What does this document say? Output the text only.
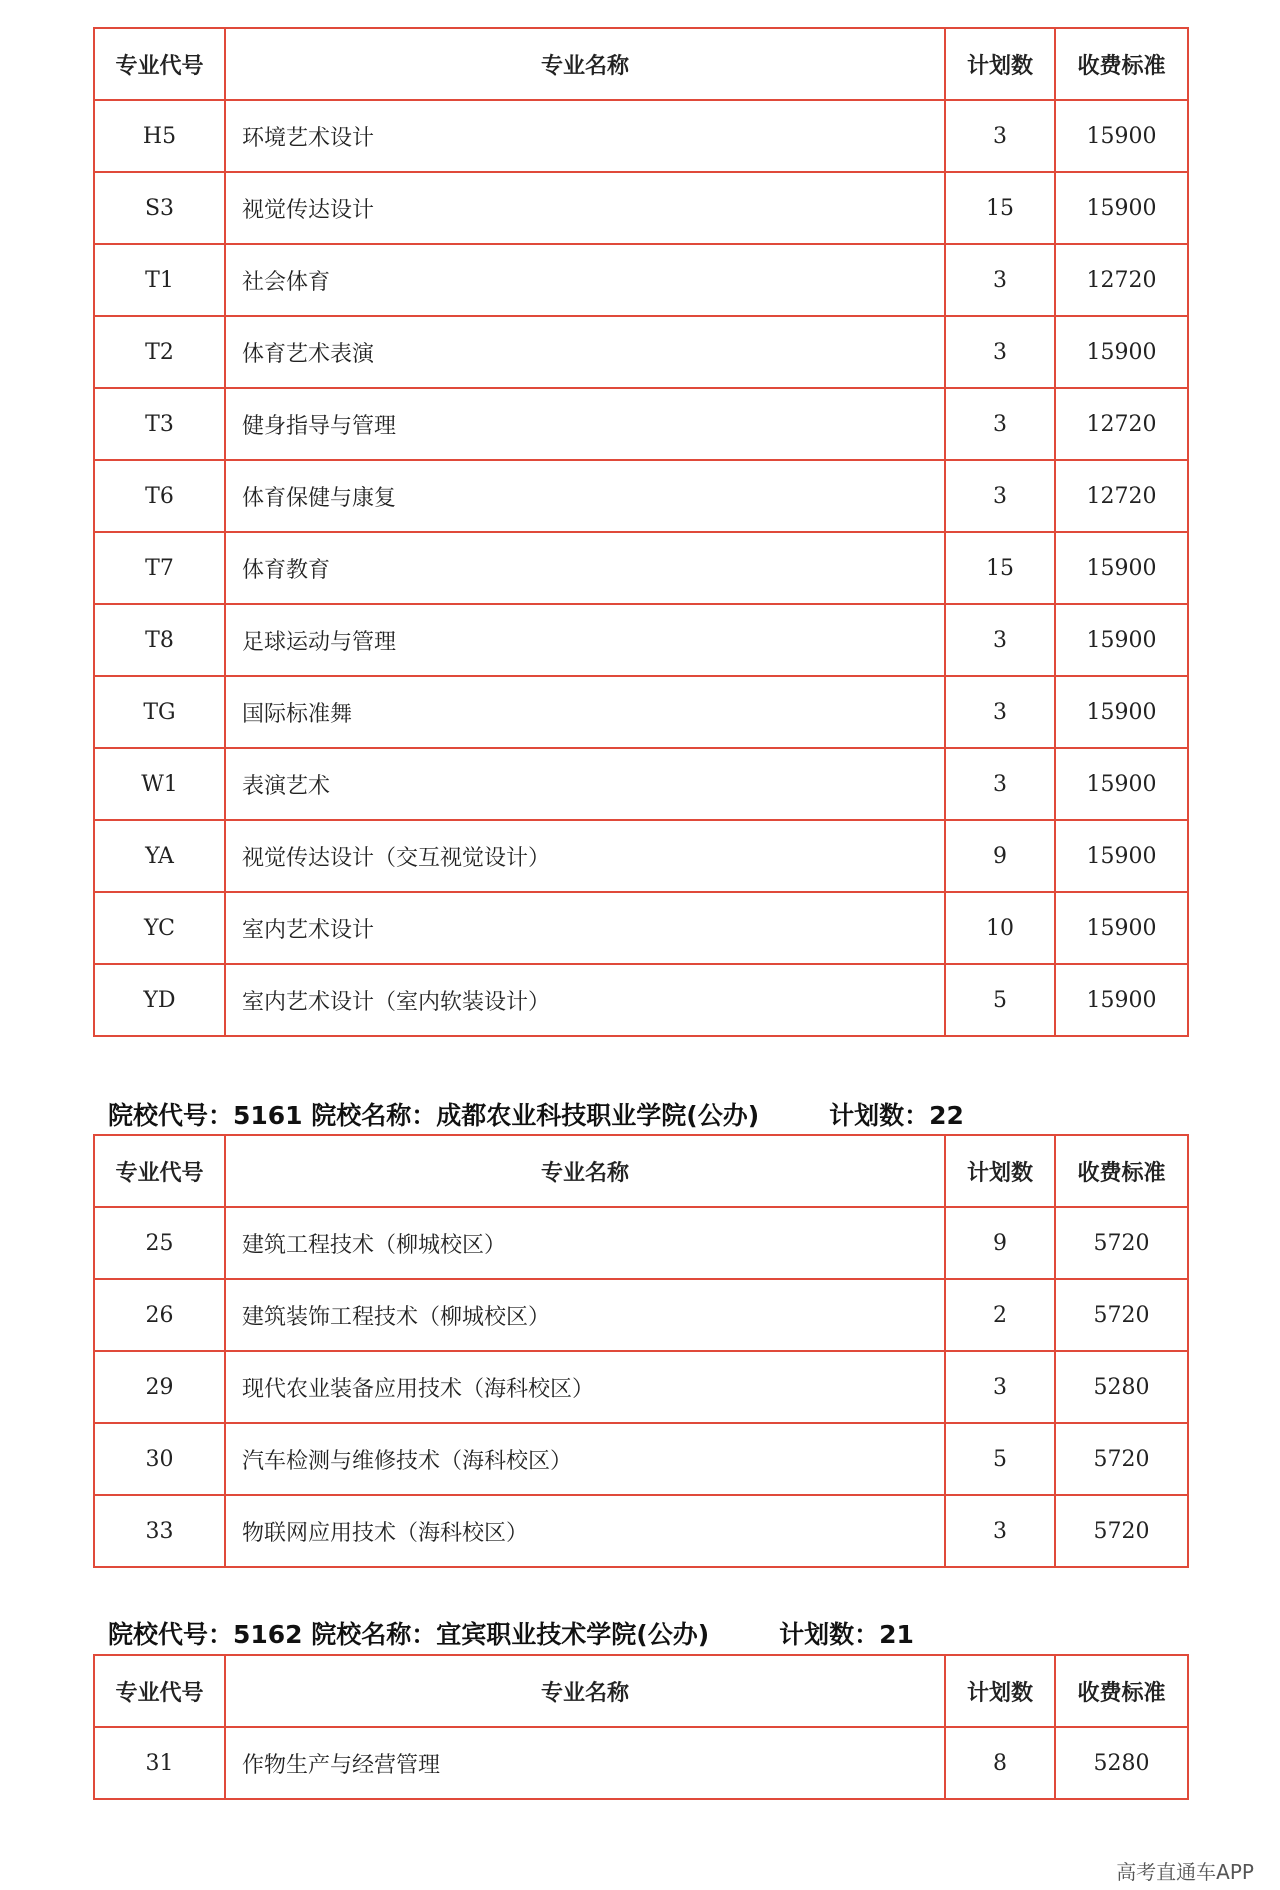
专业代号	专业名称	计划数	收费标准
H5	环境艺术设计	3	15900
S3	视觉传达设计	15	15900
T1	社会体育	3	12720
T2	体育艺术表演	3	15900
T3	健身指导与管理	3	12720
T6	体育保健与康复	3	12720
T7	体育教育	15	15900
T8	足球运动与管理	3	15900
TG	国际标准舞	3	15900
W1	表演艺术	3	15900
YA	视觉传达设计（交互视觉设计）	9	15900
YC	室内艺术设计	10	15900
YD	室内艺术设计（室内软装设计）	5	15900
院校代号：5161 院校名称：成都农业科技职业学院(公办)	计划数：22
专业代号	专业名称	计划数	收费标准
25	建筑工程技术（柳城校区）	9	5720
26	建筑装饰工程技术（柳城校区）	2	5720
29	现代农业装备应用技术（海科校区）	3	5280
30	汽车检测与维修技术（海科校区）	5	5720
33	物联网应用技术（海科校区）	3	5720
院校代号：5162 院校名称：宜宾职业技术学院(公办)	计划数：21
专业代号	专业名称	计划数	收费标准
31	作物生产与经营管理	8	5280
高考直通车APP
